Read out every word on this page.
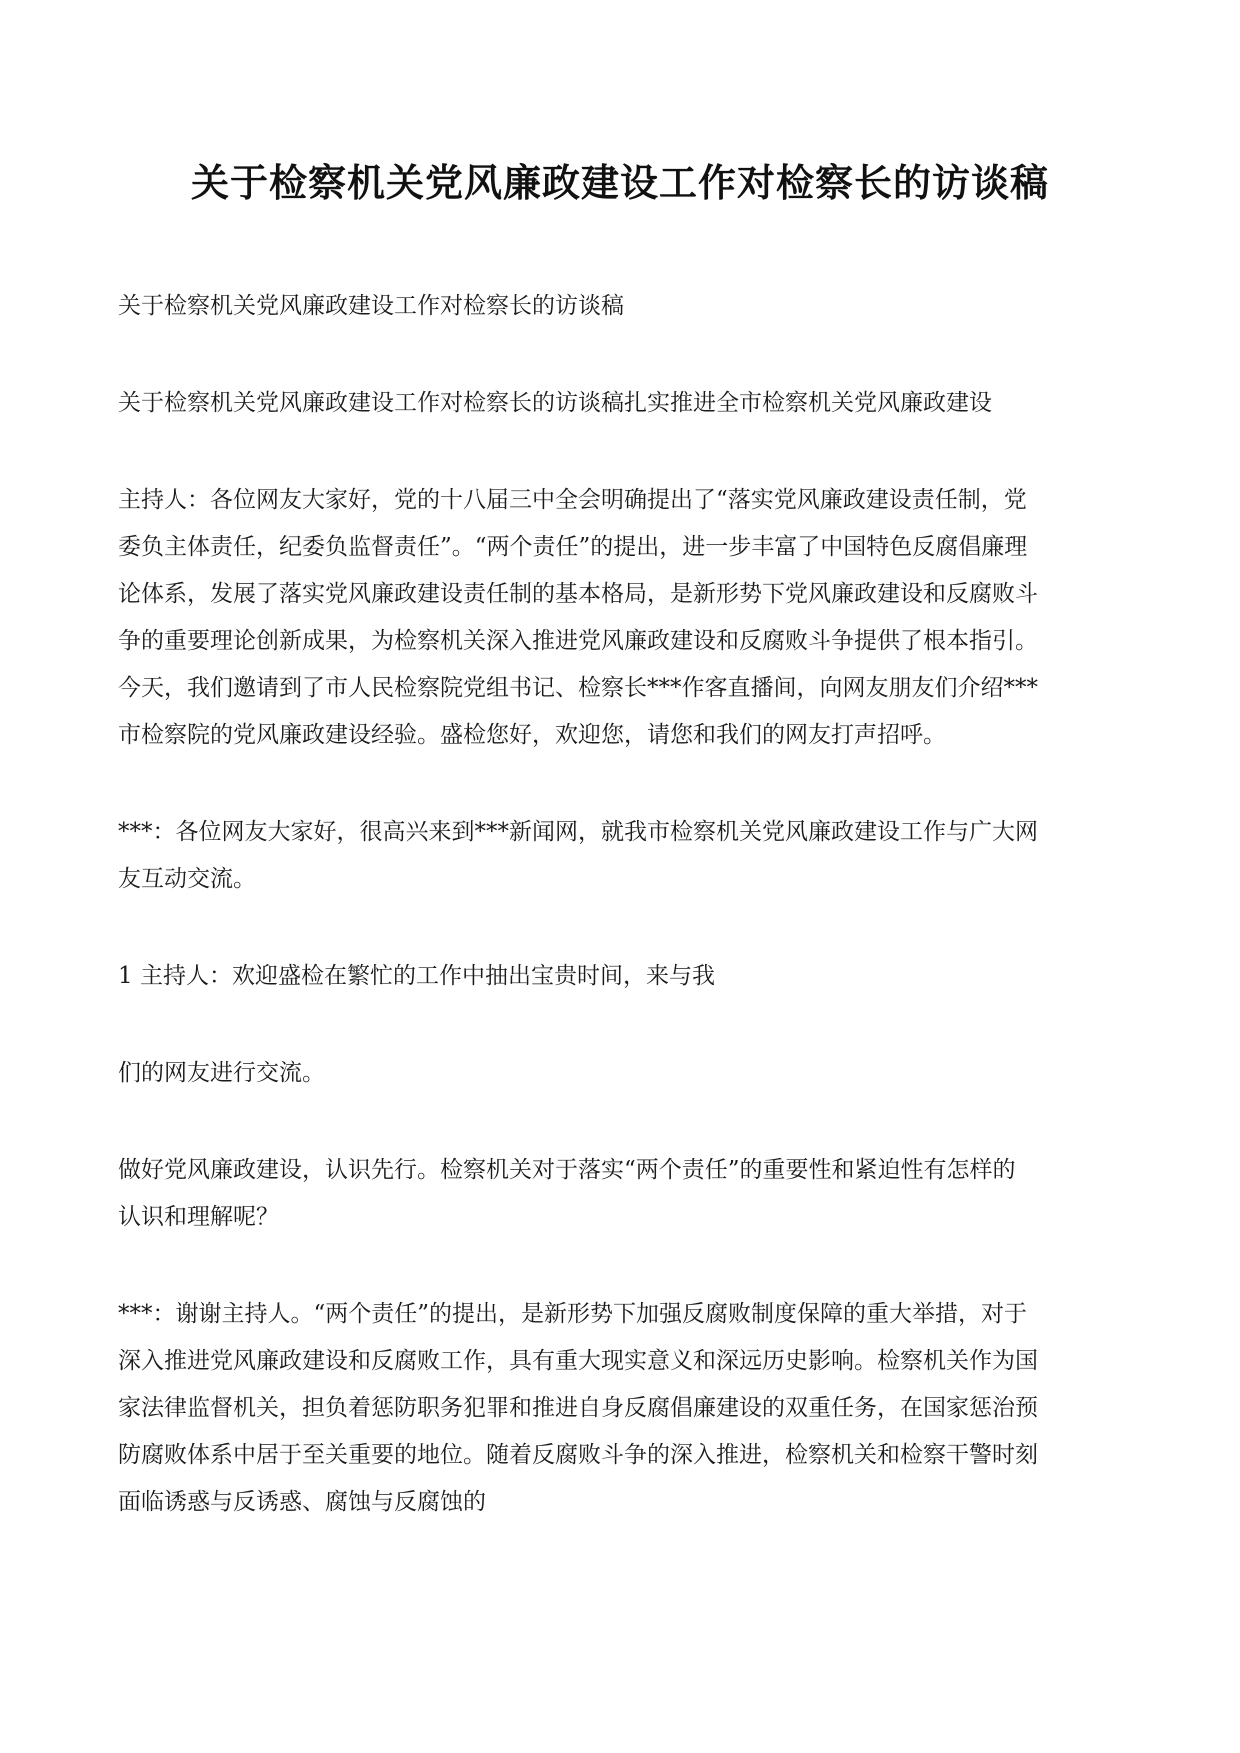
关于检察机关党风廉政建设工作对检察长的访谈稿

关于检察机关党风廉政建设工作对检察长的访谈稿

关于检察机关党风廉政建设工作对检察长的访谈稿扎实推进全市检察机关党风廉政建设

主持人：各位网友大家好，党的十八届三中全会明确提出了“落实党风廉政建设责任制，党
委负主体责任，纪委负监督责任”。“两个责任”的提出，进一步丰富了中国特色反腐倡廉理
论体系，发展了落实党风廉政建设责任制的基本格局，是新形势下党风廉政建设和反腐败斗
争的重要理论创新成果，为检察机关深入推进党风廉政建设和反腐败斗争提供了根本指引。
今天，我们邀请到了市人民检察院党组书记、检察长***作客直播间，向网友朋友们介绍***
市检察院的党风廉政建设经验。盛检您好，欢迎您，请您和我们的网友打声招呼。

***：各位网友大家好，很高兴来到***新闻网，就我市检察机关党风廉政建设工作与广大网
友互动交流。

1 主持人：欢迎盛检在繁忙的工作中抽出宝贵时间，来与我

们的网友进行交流。

做好党风廉政建设，认识先行。检察机关对于落实“两个责任”的重要性和紧迫性有怎样的
认识和理解呢？

***：谢谢主持人。“两个责任”的提出，是新形势下加强反腐败制度保障的重大举措，对于
深入推进党风廉政建设和反腐败工作，具有重大现实意义和深远历史影响。检察机关作为国
家法律监督机关，担负着惩防职务犯罪和推进自身反腐倡廉建设的双重任务，在国家惩治预
防腐败体系中居于至关重要的地位。随着反腐败斗争的深入推进，检察机关和检察干警时刻
面临诱惑与反诱惑、腐蚀与反腐蚀的
